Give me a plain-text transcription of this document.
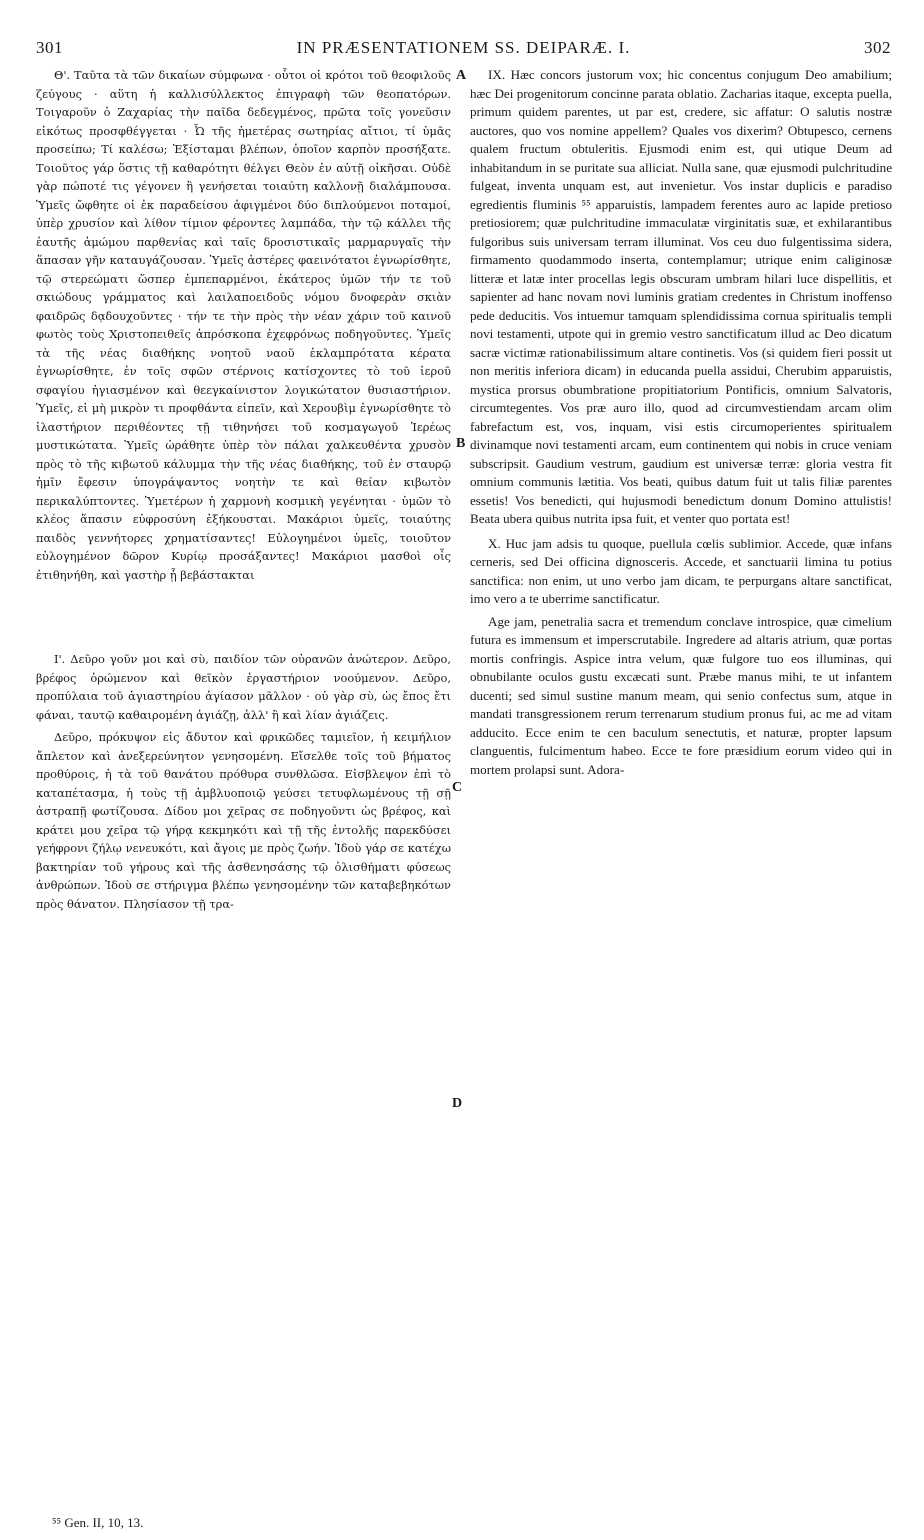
301	IN PRÆSENTATIONEM SS. DEIPARÆ. I.	302

Θ'. Ταῦτα τὰ τῶν δικαίων σύμφωνα · οὗτοι οἱ κρότοι τοῦ θεοφιλοῦς ζεύγους · αὕτη ἡ καλλισύλλεκτος ἐπιγραφὴ τῶν θεοπατόρων. Τοιγαροῦν ὁ Ζαχαρίας τὴν παῖδα δεδεγμένος, πρῶτα τοῖς γονεῦσιν εἰκότως προσφθέγγεται · Ὦ τῆς ἡμετέρας σωτηρίας αἴτιοι, τί ὑμᾶς προσείπω; Τί καλέσω; Ἐξίσταμαι βλέπων, ὁποῖον καρπὸν προσήξατε. Τοιοῦτος γάρ ὅστις τῇ καθαρότητι θέλγει Θεὸν ἐν αὐτῇ οἰκῆσαι. Οὐδὲ γὰρ πώποτέ τις γέγονεν ἢ γενήσεται τοιαύτη καλλονῇ διαλάμπουσα. Ὑμεῖς ὤφθητε οἱ ἐκ παραδείσου ἀφιγμένοι δύο διπλούμενοι ποταμοί, ὑπὲρ χρυσίον καὶ λίθον τίμιον φέροντες λαμπάδα, τὴν τῷ κάλλει τῆς ἑαυτῆς ἀμώμου παρθενίας καὶ ταῖς δροσιστικαῖς μαρμαρυγαῖς τὴν ἅπασαν γῆν καταυγάζουσαν. Ὑμεῖς ἀστέρες φαεινότατοι ἐγνωρίσθητε, τῷ στερεώματι ὥσπερ ἐμπεπαρμένοι, ἑκάτερος ὑμῶν τήν τε τοῦ σκιώδους γράμματος καὶ λαιλαποειδοῦς νόμου δνοφερὰν σκιὰν φαιδρῶς δᾳδουχοῦντες · τήν τε τὴν πρὸς τὴν νέαν χάριν τοῦ καινοῦ φωτὸς τοὺς Χριστοπειθεῖς ἀπρόσκοπα ἐχεφρόνως ποδηγοῦντες. Ὑμεῖς τὰ τῆς νέας διαθήκης νοητοῦ ναοῦ ἐκλαμπρότατα κέρατα ἐγνωρίσθητε, ἐν τοῖς σφῶν στέρνοις κατίσχοντες τὸ τοῦ ἱεροῦ σφαγίου ἡγιασμένον καὶ θεεγκαίνιστον λογικώτατον θυσιαστήριον. Ὑμεῖς, εἰ μὴ μικρὸν τι προφθάντα εἰπεῖν, καὶ Χερουβὶμ ἐγνωρίσθητε τὸ ἱλαστήριον περιθέοντες τῇ τιθηνήσει τοῦ κοσμαγωγοῦ Ἱερέως μυστικώτατα. Ὑμεῖς ὠράθητε ὑπὲρ τὸν πάλαι χαλκευθέντα χρυσὸν πρὸς τὸ τῆς κιβωτοῦ κάλυμμα τὴν τῆς νέας διαθήκης, τοῦ ἐν σταυρῷ ἡμῖν ἔφεσιν ὑπογράψαντος νοητὴν τε καὶ θείαν κιβωτὸν περικαλύπτοντες. Ὑμετέρων ἡ χαρμονὴ κοσμικὴ γεγένηται · ὑμῶν τὸ κλέος ἅπασιν εὐφροσύνη ἐξήκουσται. Μακάριοι ὑμεῖς, τοιαύτης παιδὸς γεννήτορες χρηματίσαντες! Εὐλογημένοι ὑμεῖς, τοιοῦτον εὐλογημένον δῶρον Κυρίῳ προσάξαντες! Μακάριοι μασθοὶ οἷς ἐτιθηνήθη, καὶ γαστὴρ ᾗ βεβάστακται

Ι'. Δεῦρο γοῦν μοι καὶ σὺ, παιδίον τῶν οὐρανῶν ἀνώτερον. Δεῦρο, βρέφος ὁρώμενον καὶ θεῖκὸν ἐργαστήριον νοούμενον. Δεῦρο, προπύλαια τοῦ ἁγιαστηρίου ἁγίασον μᾶλλον · οὐ γὰρ σὺ, ὡς ἔπος ἔτι φάναι, ταυτῷ καθαιρομένη ἁγιάζῃ, ἀλλ' ἢ καὶ λίαν ἁγιάζεις.

Δεῦρο, πρόκυψον εἰς ἄδυτον καὶ φρικῶδες ταμιεῖον, ἡ κειμήλιον ἄπλετον καὶ ἀνεξερεύνητον γενησομένη. Εἴσελθε τοῖς τοῦ βήματος προθύροις, ἡ τὰ τοῦ θανάτου πρόθυρα συνθλῶσα. Εἰσβλεψον ἐπὶ τὸ καταπέτασμα, ἡ τοὺς τῇ ἀμβλυοποιῷ γεύσει τετυφλωμένους τῇ σῇ ἀστραπῇ φωτίζουσα. Δίδου μοι χεῖρας σε ποδηγοῦντι ὡς βρέφος, καὶ κράτει μου χεῖρα τῷ γήρᾳ κεκμηκότι καὶ τῇ τῆς ἐντολῆς παρεκδύσει γεήφρονι ζήλῳ νενευκότι, καὶ ἄγοις με πρὸς ζωήν. Ἰδοὺ γάρ σε κατέχω βακτηρίαν τοῦ γήρους καὶ τῆς ἀσθενησάσης τῷ ὀλισθήματι φύσεως ἀνθρώπων. Ἰδοὺ σε στήριγμα βλέπω γενησομένην τῶν καταβεβηκότων πρὸς θάνατον. Πλησίασον τῇ τρα-

IX. Hæc concors justorum vox; hic concentus conjugum Deo amabilium; hæc Dei progenitorum concinne parata oblatio. Zacharias itaque, excepta puella, primum quidem parentes, ut par est, credere, sic affatur: O salutis nostræ auctores, quo vos nomine appellem? Quales vos dixerim? Obtupesco, cernens qualem fructum obtuleritis. Ejusmodi enim est, qui utique Deum ad inhabitandum in se puritate sua alliciat. Nulla sane, quæ ejusmodi pulchritudine fulgeat, inventa unquam est, aut invenietur. Vos instar duplicis e paradiso egredientis fluminis ⁵⁵ apparuistis, lampadem ferentes auro ac lapide pretioso pretiosiorem; quæ pulchritudine immaculatæ virginitatis suæ, et exhilarantibus fulgoribus suis universam terram illuminat. Vos ceu duo fulgentissima sidera, firmamento quodammodo inserta, contemplamur; utrique enim caliginosæ litteræ et latæ inter procellas legis obscuram umbram hilari luce dispellitis, et sapienter ad hanc novam novi luminis gratiam credentes in Christum inoffenso pede deducitis. Vos intuemur tamquam splendidissima cornua spiritualis templi novi testamenti, utpote qui in gremio vestro sanctificatum illud ac Deo dicatum sacræ victimæ rationabilissimum altare continetis. Vos (si quidem fieri possit ut non meritis inferiora dicam) in educanda puella assidui, Cherubim apparuistis, mystica prorsus obumbratione propitiatorium Pontificis, omnium Salvatoris, circumtegentes. Vos præ auro illo, quod ad circumvestiendam arcam olim fabrefactum est, vos, inquam, visi estis circumoperientes spiritualem divinamque novi testamenti arcam, eum continentem qui nobis in cruce veniam subscripsit. Gaudium vestrum, gaudium est universæ terræ: gloria vestra fit omnium communis lætitia. Vos beati, quibus datum fuit ut talis filiæ parentes essetis! Vos benedicti, qui hujusmodi benedictum donum Domino attulistis! Beata ubera quibus nutrita ipsa fuit, et venter quo portata est!

X. Huc jam adsis tu quoque, puellula cœlis sublimior. Accede, quæ infans cerneris, sed Dei officina dignosceris. Accede, et sanctuarii limina tu potius sanctifica: non enim, ut uno verbo jam dicam, te perpurgans altare sanctificat, imo vero a te uberrime sanctificatur.

Age jam, penetralia sacra et tremendum conclave introspice, quæ cimelium futura es immensum et imperscrutabile. Ingredere ad altaris atrium, quæ portas mortis confringis. Aspice intra velum, quæ fulgore tuo eos illuminas, qui obnubilante oculos gustu excæcati sunt. Præbe manus mihi, te ut infantem ducenti; sed simul sustine manum meam, qui senio confectus sum, atque in mandati transgressionem rerum terrenarum studium pronus fui, ac me ad vitam adducito. Ecce enim te cen baculum senectutis, et naturæ, propter lapsum clanguentis, fulcimentum habeo. Ecce te fore præsidium eorum video qui in mortem prolapsi sunt. Adora-

A
B
C
D
⁵⁵ Gen. II, 10, 13.
